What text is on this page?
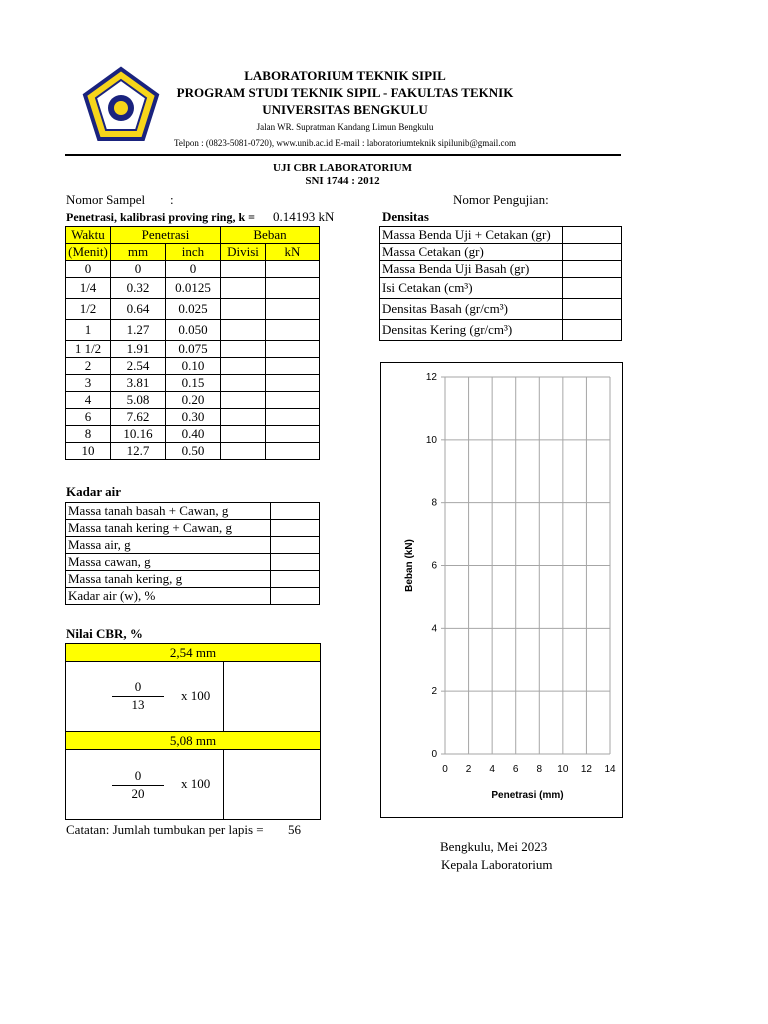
LABORATORIUM TEKNIK SIPIL
PROGRAM STUDI TEKNIK SIPIL - FAKULTAS TEKNIK
UNIVERSITAS BENGKULU
Jalan WR. Supratman Kandang Limun Bengkulu
Telpon : (0823-5081-0720), www.unib.ac.id E-mail : laboratoriumteknik sipilunib@gmail.com
UJI CBR LABORATORIUM
SNI 1744 : 2012
Nomor Sampel :	Nomor Pengujian:
Penetrasi, kalibrasi proving ring, k = 0.14193 kN	Densitas
Waktu	Penetrasi		Beban	
(Menit)	mm	inch	Divisi	kN
0	0	0		
1/4	0.32	0.0125		
1/2	0.64	0.025		
1	1.27	0.050		
1 1/2	1.91	0.075		
2	2.54	0.10		
3	3.81	0.15		
4	5.08	0.20		
6	7.62	0.30		
8	10.16	0.40		
10	12.7	0.50		
Massa Benda Uji + Cetakan (gr)	
Massa Cetakan (gr)	
Massa Benda Uji Basah (gr)	
Isi Cetakan (cm³)	
Densitas Basah (gr/cm³)	
Densitas Kering (gr/cm³)	
Kadar air
Massa tanah basah + Cawan, g	
Massa tanah kering + Cawan, g	
Massa air, g	
Massa cawan, g	
Massa tanah kering, g	
Kadar air (w), %	
Nilai CBR, %
2,54 mm
0
13
x 100
5,08 mm
0
20
x 100
Catatan: Jumlah tumbukan per lapis = 56
Bengkulu, Mei 2023
Kepala Laboratorium
0 2 4 6 8 10 12 14
0
2
4
6
8
10
12
Penetrasi (mm)
Beban (kN)
